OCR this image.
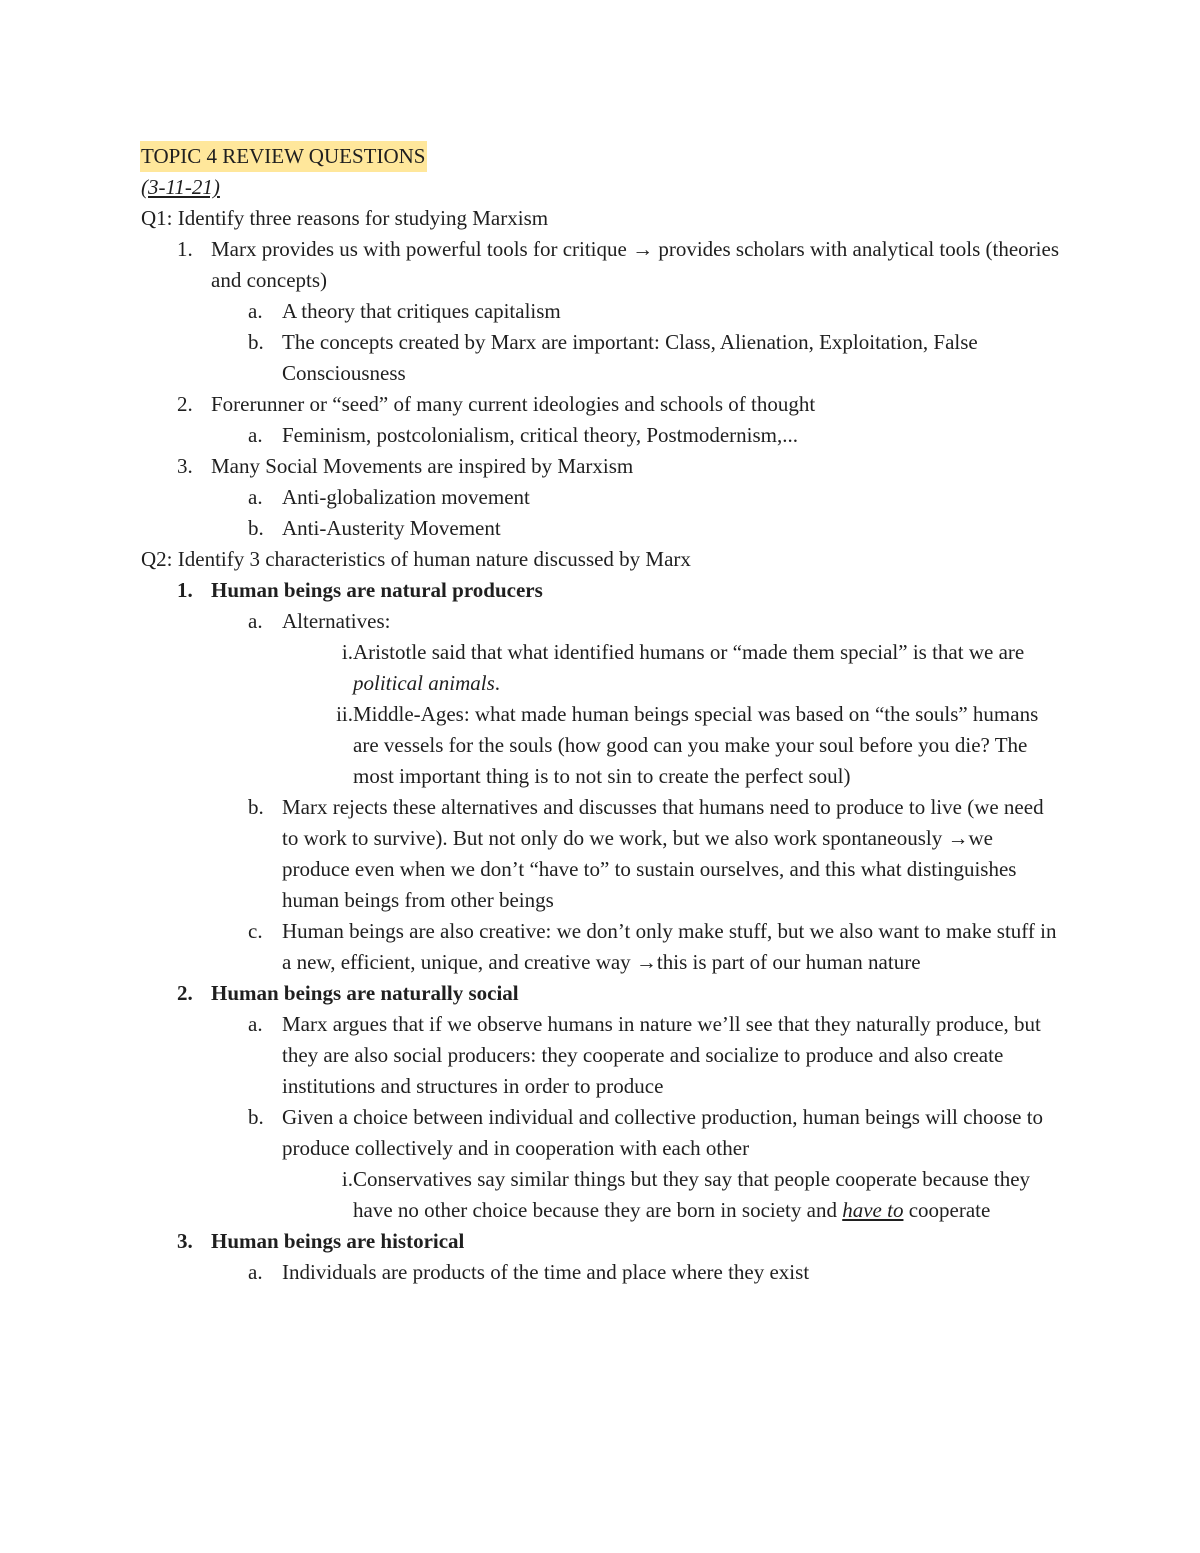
TOPIC 4 REVIEW QUESTIONS
(3-11-21)
Q1: Identify three reasons for studying Marxism
1. Marx provides us with powerful tools for critique → provides scholars with analytical tools (theories and concepts)
a. A theory that critiques capitalism
b. The concepts created by Marx are important: Class, Alienation, Exploitation, False Consciousness
2. Forerunner or “seed” of many current ideologies and schools of thought
a. Feminism, postcolonialism, critical theory, Postmodernism,...
3. Many Social Movements are inspired by Marxism
a. Anti-globalization movement
b. Anti-Austerity Movement
Q2: Identify 3 characteristics of human nature discussed by Marx
1. Human beings are natural producers
a. Alternatives:
i. Aristotle said that what identified humans or “made them special” is that we are political animals.
ii. Middle-Ages: what made human beings special was based on “the souls” humans are vessels for the souls (how good can you make your soul before you die? The most important thing is to not sin to create the perfect soul)
b. Marx rejects these alternatives and discusses that humans need to produce to live (we need to work to survive). But not only do we work, but we also work spontaneously →we produce even when we don’t “have to” to sustain ourselves, and this what distinguishes human beings from other beings
c. Human beings are also creative: we don’t only make stuff, but we also want to make stuff in a new, efficient, unique, and creative way →this is part of our human nature
2. Human beings are naturally social
a. Marx argues that if we observe humans in nature we’ll see that they naturally produce, but they are also social producers: they cooperate and socialize to produce and also create institutions and structures in order to produce
b. Given a choice between individual and collective production, human beings will choose to produce collectively and in cooperation with each other
i. Conservatives say similar things but they say that people cooperate because they have no other choice because they are born in society and have to cooperate
3. Human beings are historical
a. Individuals are products of the time and place where they exist
